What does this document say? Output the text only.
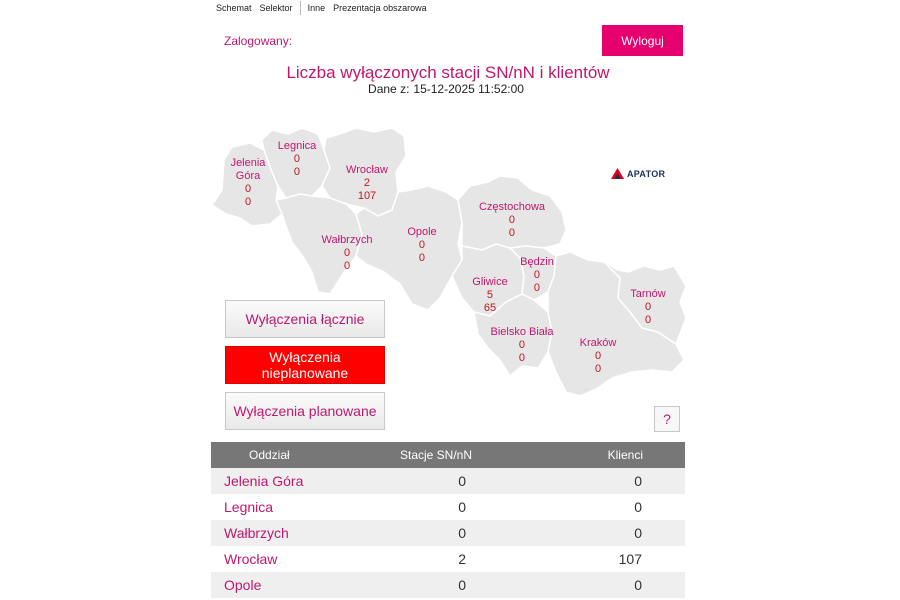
Schemat Selektor	Inne Prezentacja obszarowa
Zalogowany:	Wyloguj
Liczba wyłączonych stacji SN/nN i klientów
Dane z: 15-12-2025 11:52:00
Jelenia Góra
0
0
Legnica
0
0	Wrocław
2
107
Wałbrzych
0
0
Opole
0
0
Częstochowa
0
0
Będzin
0
0
Gliwice
5
65
Tarnów
0
0
Bielsko Biała
0
0
Kraków
0
0
APATOR
Wyłączenia łącznie
Wyłączenia nieplanowane
Wyłączenia planowane	?
Oddział	Stacje SN/nN	Klienci
Jelenia Góra	0	0
Legnica	0	0
Wałbrzych	0	0
Wrocław	2	107
Opole	0	0
